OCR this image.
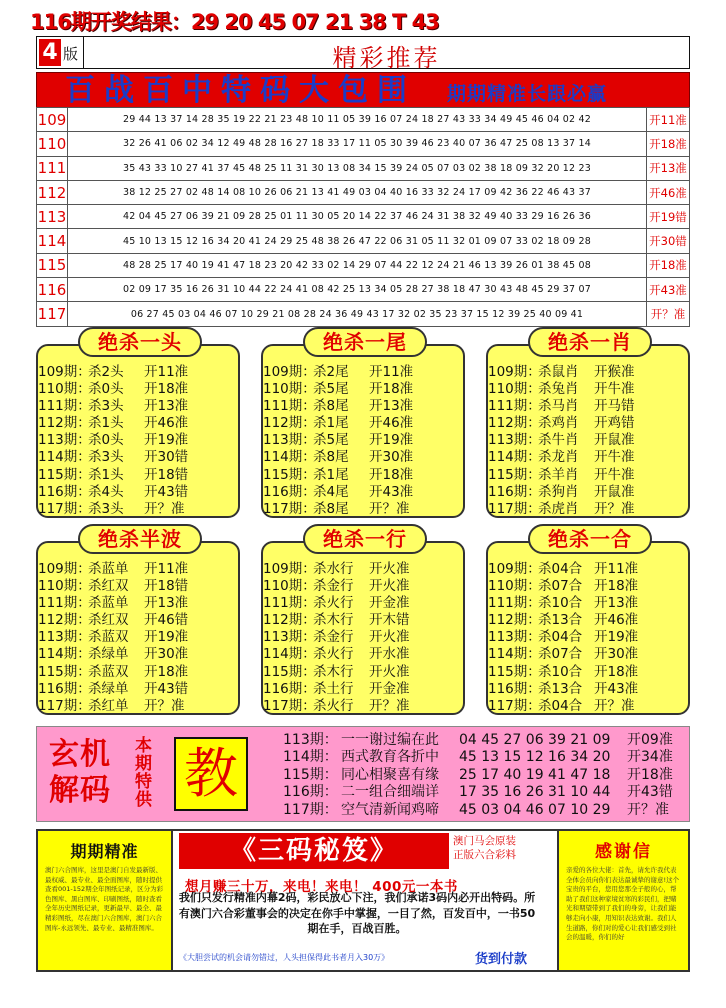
116期开奖结果：29 20 45 07 21 38 T 43
4 版	精彩推荐
百战百中特码大包围 期期精准长跟必赢
109	29 44 13 37 14 28 35 19 22 21 23 48 10 11 05 39 16 07 24 18 27 43 33 34 49 45 46 04 02 42	开11准
110	32 26 41 06 02 34 12 49 48 28 16 27 18 33 17 11 05 30 39 46 23 40 07 36 47 25 08 13 37 14	开18准
111	35 43 33 10 27 41 37 45 48 25 11 31 30 13 08 34 15 39 24 05 07 03 02 38 18 09 32 20 12 23	开13准
112	38 12 25 27 02 48 14 08 10 26 06 21 13 41 49 03 04 40 16 33 32 24 17 09 42 36 22 46 43 37	开46准
113	42 04 45 27 06 39 21 09 28 25 01 11 30 05 20 14 22 37 46 24 31 38 32 49 40 33 29 16 26 36	开19错
114	45 10 13 15 12 16 34 20 41 24 29 25 48 38 26 47 22 06 31 05 11 32 01 09 07 33 02 18 09 28	开30错
115	48 28 25 17 40 19 41 47 18 23 20 42 33 02 14 29 07 44 22 12 24 21 46 13 39 26 01 38 45 08	开18准
116	02 09 17 35 16 26 31 10 44 22 24 41 08 42 25 13 34 05 28 27 38 18 47 30 43 48 45 29 37 07	开43准
117	06 27 45 03 04 46 07 10 29 21 08 28 24 36 49 43 17 32 02 35 23 37 15 12 39 25 40 09 41	开？准
绝杀一头
109期：杀2头 开11准
110期：杀0头 开18准
111期：杀3头 开13准
112期：杀1头 开46准
113期：杀0头 开19准
114期：杀3头 开30错
115期：杀1头 开18错
116期：杀4头 开43错
117期：杀3头 开？准
绝杀一尾
109期：杀2尾 开11准
110期：杀5尾 开18准
111期：杀8尾 开13准
112期：杀1尾 开46准
113期：杀5尾 开19准
114期：杀8尾 开30准
115期：杀1尾 开18准
116期：杀4尾 开43准
117期：杀8尾 开？准
绝杀一肖
109期：杀鼠肖 开猴准
110期：杀兔肖 开牛准
111期：杀马肖 开马错
112期：杀鸡肖 开鸡错
113期：杀牛肖 开鼠准
114期：杀龙肖 开牛准
115期：杀羊肖 开牛准
116期：杀狗肖 开鼠准
117期：杀虎肖 开？准
绝杀半波
109期：杀蓝单 开11准
110期：杀红双 开18错
111期：杀蓝单 开13准
112期：杀红双 开46错
113期：杀蓝双 开19准
114期：杀绿单 开30准
115期：杀蓝双 开18准
116期：杀绿单 开43错
117期：杀红单 开？准
绝杀一行
109期：杀水行 开火准
110期：杀金行 开火准
111期：杀火行 开金准
112期：杀木行 开木错
113期：杀金行 开火准
114期：杀火行 开水准
115期：杀木行 开火准
116期：杀土行 开金准
117期：杀火行 开？准
绝杀一合
109期：杀04合 开11准
110期：杀07合 开18准
111期：杀10合 开13准
112期：杀13合 开46准
113期：杀04合 开19准
114期：杀07合 开30准
115期：杀10合 开18准
116期：杀13合 开43准
117期：杀04合 开？准
玄机
解码
本
期
特
供 教
113期： 一一谢过编在此 04 45 27 06 39 21 09 开09准
114期： 西式教育各折中 45 13 15 12 16 34 20 开34准
115期： 同心相聚喜有缘 25 17 40 19 41 47 18 开18准
116期： 二一组合细端详 17 35 16 26 31 10 44 开43错
117期： 空气清新闻鸡啼 45 03 04 46 07 10 29 开？准
期期精准
澳门六合图库，这里是澳门自发最新版、最权威、最专业、最全面图库，随时提供查看001-152期全年图纸记录，区分为彩色图库、黑白图库、印刷图纸，随时查看全年历史图纸记录，更新最早、最全、最精彩图纸，尽在澳门六合图库，澳门六合图库-永远领先、最专业、最精准图库。
《三码秘笈》	澳门马会原装
正版六合彩料
想月赚三十万，来电！来电！ 400元一本书
我们只发行精准内幕2码，彩民放心下注，我们承诺3码内必开出特码。所有澳门六合彩董事会的决定在你手中掌握，一目了然，百发百中，一书50期在手，百战百胜。
《大胆尝试的机会请勿错过，人头担保得此书者月入30万》	货到付款
感谢信
亲爱的各位大佬：首先，请允许我代表全体会员向你们表达最诚挚的谢意!这个宝贵的平台，您用您那全子般的心，帮助了我们这种家境贫寒的彩民们，把赌光和期望带到了我们的身旁，让我们能够走向小康，用知识表达致谢。我们人生道路，你们对的爱心让我们感受到社会的温暖，你们的好
